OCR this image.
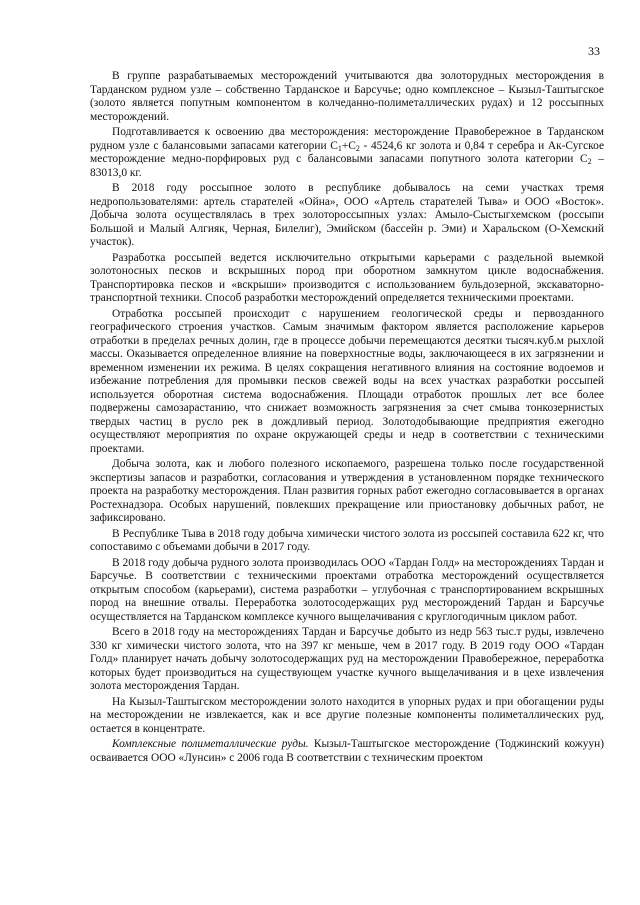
33

В группе разрабатываемых месторождений учитываются два золоторудных месторождения в Тарданском рудном узле – собственно Тарданское и Барсучье; одно комплексное – Кызыл-Таштыгское (золото является попутным компонентом в колчеданно-полиметаллических рудах) и 12 россыпных месторождений.

Подготавливается к освоению два месторождения: месторождение Правобережное в Тарданском рудном узле с балансовыми запасами категории $С_1+С_2 - 4524,6$ кг золота и 0,84 т серебра и Ак-Сугское месторождение медно-порфировых руд с балансовыми запасами попутного золота категории $С_2 - 83013,0$ кг.

В 2018 году россыпное золото в республике добывалось на семи участках тремя недропользователями: артель старателей «Ойна», ООО «Артель старателей Тыва» и ООО «Восток». Добыча золота осуществлялась в трех золотороссыпных узлах: Амыло-Сыстыгхемском (россыпи Большой и Малый Алгияк, Черная, Билелиг), Эмийском (бассейн р. Эми) и Харальском (О-Хемский участок).

Разработка россыпей ведется исключительно открытыми карьерами с раздельной выемкой золотоносных песков и вскрышных пород при оборотном замкнутом цикле водоснабжения. Транспортировка песков и «вскрыши» производится с использованием бульдозерной, экскаваторно-транспортной техники. Способ разработки месторождений определяется техническими проектами.

Отработка россыпей происходит с нарушением геологической среды и первозданного географического строения участков. Самым значимым фактором является расположение карьеров отработки в пределах речных долин, где в процессе добычи перемещаются десятки тысяч.куб.м рыхлой массы. Оказывается определенное влияние на поверхностные воды, заключающееся в их загрязнении и временном изменении их режима. В целях сокращения негативного влияния на состояние водоемов и избежание потребления для промывки песков свежей воды на всех участках разработки россыпей используется оборотная система водоснабжения. Площади отработок прошлых лет все более подвержены самозарастанию, что снижает возможность загрязнения за счет смыва тонкозернистых твердых частиц в русло рек в дождливый период. Золотодобывающие предприятия ежегодно осуществляют мероприятия по охране окружающей среды и недр в соответствии с техническими проектами.

Добыча золота, как и любого полезного ископаемого, разрешена только после государственной экспертизы запасов и разработки, согласования и утверждения в установленном порядке технического проекта на разработку месторождения. План развития горных работ ежегодно согласовывается в органах Ростехнадзора. Особых нарушений, повлекших прекращение или приостановку добычных работ, не зафиксировано.

В Республике Тыва в 2018 году добыча химически чистого золота из россыпей составила 622 кг, что сопоставимо с объемами добычи в 2017 году.

В 2018 году добыча рудного золота производилась ООО «Тардан Голд» на месторождениях Тардан и Барсучье. В соответствии с техническими проектами отработка месторождений осуществляется открытым способом (карьерами), система разработки – углубочная с транспортированием вскрышных пород на внешние отвалы. Переработка золотосодержащих руд месторождений Тардан и Барсучье осуществляется на Тарданском комплексе кучного выщелачивания с круглогодичным циклом работ.

Всего в 2018 году на месторождениях Тардан и Барсучье добыто из недр 563 тыс.т руды, извлечено 330 кг химически чистого золота, что на 397 кг меньше, чем в 2017 году. В 2019 году ООО «Тардан Голд» планирует начать добычу золотосодержащих руд на месторождении Правобережное, переработка которых будет производиться на существующем участке кучного выщелачивания и в цехе извлечения золота месторождения Тардан.

На Кызыл-Таштыгском месторождении золото находится в упорных рудах и при обогащении руды на месторождении не извлекается, как и все другие полезные компоненты полиметаллических руд, остается в концентрате.

Комплексные полиметаллические руды. Кызыл-Таштыгское месторождение (Тоджинский кожуун) осваивается ООО «Лунсин» с 2006 года В соответствии с техническим проектом
